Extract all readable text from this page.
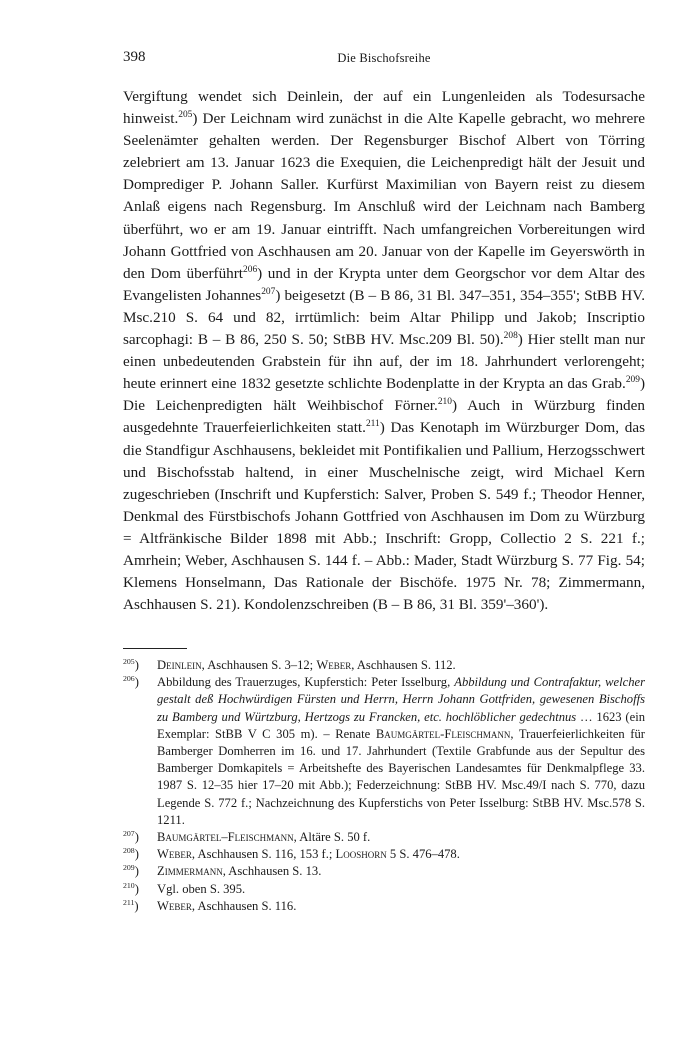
398	Die Bischofsreihe
Vergiftung wendet sich Deinlein, der auf ein Lungenleiden als Todesursache hinweist.$^{205}$) Der Leichnam wird zunächst in die Alte Kapelle gebracht, wo mehrere Seelenämter gehalten werden. Der Regensburger Bischof Albert von Törring zelebriert am 13. Januar 1623 die Exequien, die Leichenpredigt hält der Jesuit und Domprediger P. Johann Saller. Kurfürst Maximilian von Bayern reist zu diesem Anlaß eigens nach Regensburg. Im Anschluß wird der Leichnam nach Bamberg überführt, wo er am 19. Januar eintrifft. Nach umfangreichen Vorbereitungen wird Johann Gottfried von Aschhausen am 20. Januar von der Kapelle im Geyerswörth in den Dom überführt$^{206}$) und in der Krypta unter dem Georgschor vor dem Altar des Evangelisten Johannes$^{207}$) beigesetzt (B – B 86, 31 Bl. 347–351, 354–355'; StBB HV. Msc.210 S. 64 und 82, irrtümlich: beim Altar Philipp und Jakob; Inscriptio sarcophagi: B – B 86, 250 S. 50; StBB HV. Msc.209 Bl. 50).$^{208}$) Hier stellt man nur einen unbedeutenden Grabstein für ihn auf, der im 18. Jahrhundert verlorengeht; heute erinnert eine 1832 gesetzte schlichte Bodenplatte in der Krypta an das Grab.$^{209}$) Die Leichenpredigten hält Weihbischof Förner.$^{210}$) Auch in Würzburg finden ausgedehnte Trauerfeierlichkeiten statt.$^{211}$) Das Kenotaph im Würzburger Dom, das die Standfigur Aschhausens, bekleidet mit Pontifikalien und Pallium, Herzogsschwert und Bischofsstab haltend, in einer Muschelnische zeigt, wird Michael Kern zugeschrieben (Inschrift und Kupferstich: Salver, Proben S. 549 f.; Theodor Henner, Denkmal des Fürstbischofs Johann Gottfried von Aschhausen im Dom zu Würzburg = Altfränkische Bilder 1898 mit Abb.; Inschrift: Gropp, Collectio 2 S. 221 f.; Amrhein; Weber, Aschhausen S. 144 f. – Abb.: Mader, Stadt Würzburg S. 77 Fig. 54; Klemens Honselmann, Das Rationale der Bischöfe. 1975 Nr. 78; Zimmermann, Aschhausen S. 21). Kondolenzschreiben (B – B 86, 31 Bl. 359'–360').
$^{205}$)	Deinlein, Aschhausen S. 3–12; Weber, Aschhausen S. 112.
$^{206}$)	Abbildung des Trauerzuges, Kupferstich: Peter Isselburg, Abbildung und Contrafaktur, welcher gestalt deß Hochwürdigen Fürsten und Herrn, Herrn Johann Gottfriden, gewesenen Bischoffs zu Bamberg und Würtzburg, Hertzogs zu Francken, etc. hochlöblicher gedechtnus … 1623 (ein Exemplar: StBB V C 305 m). – Renate Baumgärtel-Fleischmann, Trauerfeierlichkeiten für Bamberger Domherren im 16. und 17. Jahrhundert (Textile Grabfunde aus der Sepultur des Bamberger Domkapitels = Arbeitshefte des Bayerischen Landesamtes für Denkmalpflege 33. 1987 S. 12–35 hier 17–20 mit Abb.); Federzeichnung: StBB HV. Msc.49/I nach S. 770, dazu Legende S. 772 f.; Nachzeichnung des Kupferstichs von Peter Isselburg: StBB HV. Msc.578 S. 1211.
$^{207}$)	Baumgärtel–Fleischmann, Altäre S. 50 f.
$^{208}$)	Weber, Aschhausen S. 116, 153 f.; Looshorn 5 S. 476–478.
$^{209}$)	Zimmermann, Aschhausen S. 13.
$^{210}$)	Vgl. oben S. 395.
$^{211}$)	Weber, Aschhausen S. 116.
